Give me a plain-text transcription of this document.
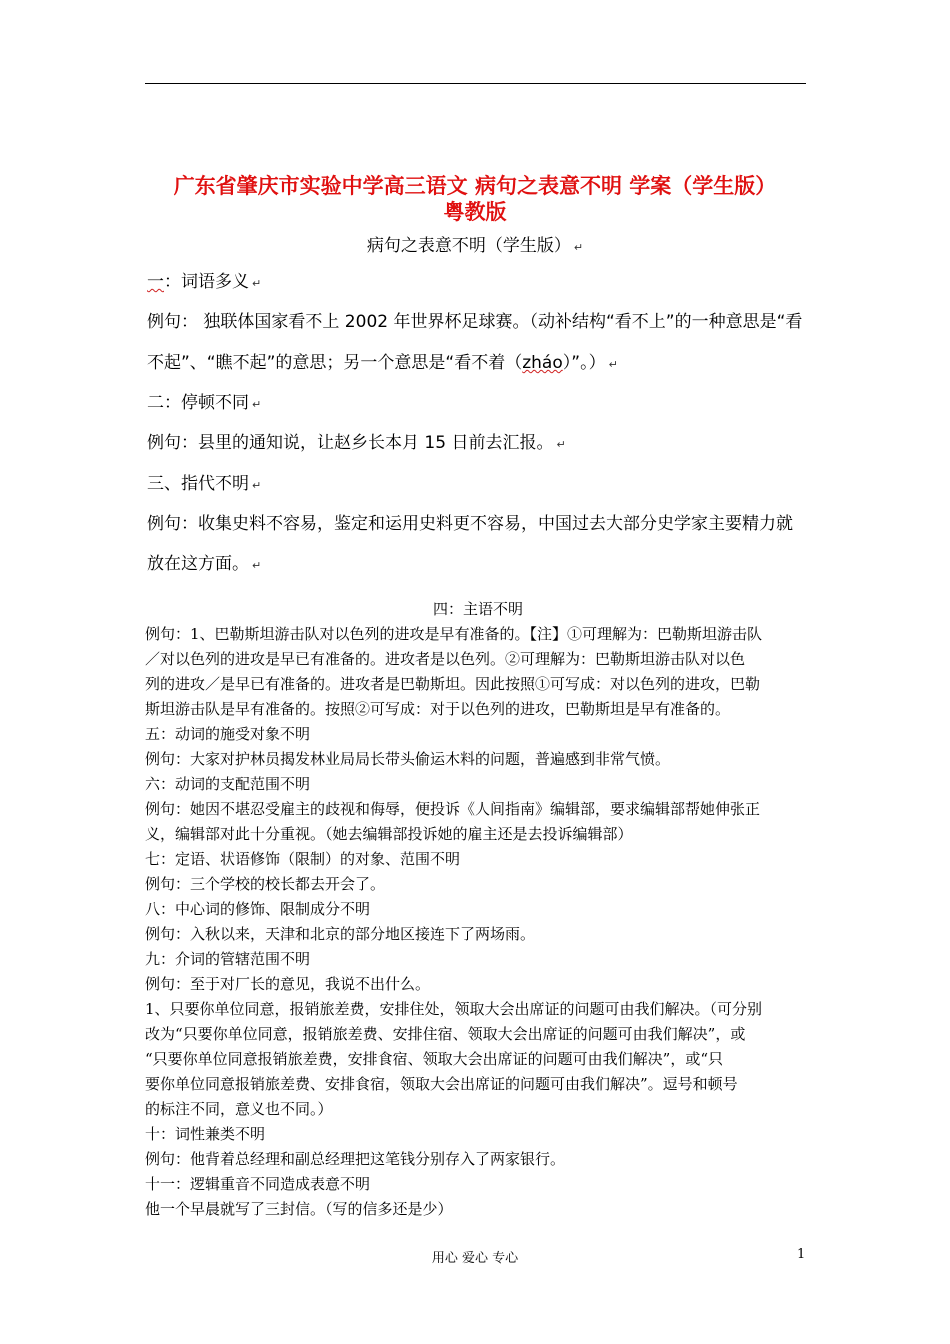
广东省肇庆市实验中学高三语文 病句之表意不明 学案（学生版）
粤教版
病句之表意不明（学生版） ↵
一：词语多义 ↵
例句： 独联体国家看不上 2002 年世界杯足球赛。（动补结构“看不上”的一种意思是“看
不起”、“瞧不起”的意思；另一个意思是“看不着（zháo）”。） ↵
二：停顿不同 ↵
例句：县里的通知说，让赵乡长本月 15 日前去汇报。 ↵
三、指代不明 ↵
例句：收集史料不容易，鉴定和运用史料更不容易，中国过去大部分史学家主要精力就
放在这方面。 ↵

四：主语不明

例句：1、巴勒斯坦游击队对以色列的进攻是早有准备的。【注】①可理解为：巴勒斯坦游击队

／对以色列的进攻是早已有准备的。进攻者是以色列。②可理解为：巴勒斯坦游击队对以色

列的进攻／是早已有准备的。进攻者是巴勒斯坦。因此按照①可写成：对以色列的进攻，巴勒

斯坦游击队是早有准备的。按照②可写成：对于以色列的进攻，巴勒斯坦是早有准备的。

五：动词的施受对象不明

例句：大家对护林员揭发林业局局长带头偷运木料的问题，普遍感到非常气愤。

六：动词的支配范围不明

例句：她因不堪忍受雇主的歧视和侮辱，便投诉《人间指南》编辑部，要求编辑部帮她伸张正

义，编辑部对此十分重视。（她去编辑部投诉她的雇主还是去投诉编辑部）

七：定语、状语修饰（限制）的对象、范围不明

例句：三个学校的校长都去开会了。

八：中心词的修饰、限制成分不明

例句：入秋以来，天津和北京的部分地区接连下了两场雨。

九：介词的管辖范围不明

例句：至于对厂长的意见，我说不出什么。

1、只要你单位同意，报销旅差费，安排住处，领取大会出席证的问题可由我们解决。（可分别

改为“只要你单位同意，报销旅差费、安排住宿、领取大会出席证的问题可由我们解决”，或

“只要你单位同意报销旅差费，安排食宿、领取大会出席证的问题可由我们解决”，或“只

要你单位同意报销旅差费、安排食宿，领取大会出席证的问题可由我们解决”。逗号和顿号

的标注不同，意义也不同。）

十：词性兼类不明

例句：他背着总经理和副总经理把这笔钱分别存入了两家银行。

十一：逻辑重音不同造成表意不明

他一个早晨就写了三封信。（写的信多还是少）

用心 爱心 专心	1
